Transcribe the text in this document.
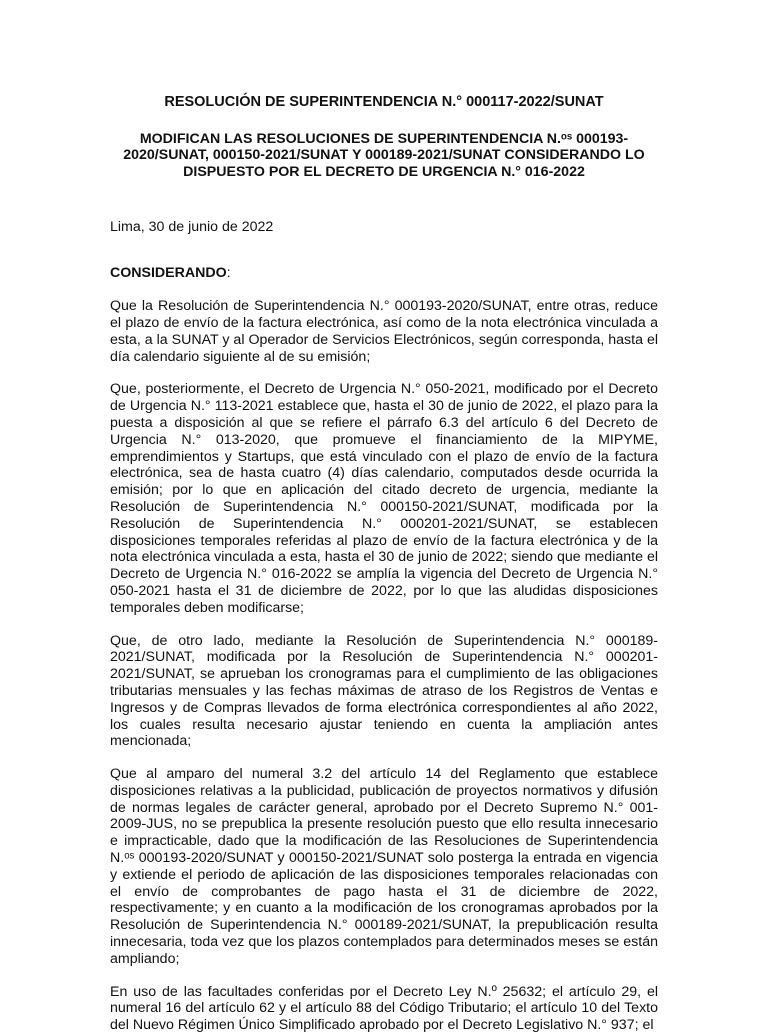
RESOLUCIÓN DE SUPERINTENDENCIA N.° 000117-2022/SUNAT

MODIFICAN LAS RESOLUCIONES DE SUPERINTENDENCIA N.ᵒˢ 000193-2020/SUNAT, 000150-2021/SUNAT Y 000189-2021/SUNAT CONSIDERANDO LO DISPUESTO POR EL DECRETO DE URGENCIA N.° 016-2022

Lima, 30 de junio de 2022

CONSIDERANDO:

Que la Resolución de Superintendencia N.° 000193-2020/SUNAT, entre otras, reduce el plazo de envío de la factura electrónica, así como de la nota electrónica vinculada a esta, a la SUNAT y al Operador de Servicios Electrónicos, según corresponda, hasta el día calendario siguiente al de su emisión;

Que, posteriormente, el Decreto de Urgencia N.° 050-2021, modificado por el Decreto de Urgencia N.° 113-2021 establece que, hasta el 30 de junio de 2022, el plazo para la puesta a disposición al que se refiere el párrafo 6.3 del artículo 6 del Decreto de Urgencia N.° 013-2020, que promueve el financiamiento de la MIPYME, emprendimientos y Startups, que está vinculado con el plazo de envío de la factura electrónica, sea de hasta cuatro (4) días calendario, computados desde ocurrida la emisión; por lo que en aplicación del citado decreto de urgencia, mediante la Resolución de Superintendencia N.° 000150-2021/SUNAT, modificada por la Resolución de Superintendencia N.° 000201-2021/SUNAT, se establecen disposiciones temporales referidas al plazo de envío de la factura electrónica y de la nota electrónica vinculada a esta, hasta el 30 de junio de 2022; siendo que mediante el Decreto de Urgencia N.° 016-2022 se amplía la vigencia del Decreto de Urgencia N.° 050-2021 hasta el 31 de diciembre de 2022, por lo que las aludidas disposiciones temporales deben modificarse;

Que, de otro lado, mediante la Resolución de Superintendencia N.° 000189-2021/SUNAT, modificada por la Resolución de Superintendencia N.° 000201-2021/SUNAT, se aprueban los cronogramas para el cumplimiento de las obligaciones tributarias mensuales y las fechas máximas de atraso de los Registros de Ventas e Ingresos y de Compras llevados de forma electrónica correspondientes al año 2022, los cuales resulta necesario ajustar teniendo en cuenta la ampliación antes mencionada;

Que al amparo del numeral 3.2 del artículo 14 del Reglamento que establece disposiciones relativas a la publicidad, publicación de proyectos normativos y difusión de normas legales de carácter general, aprobado por el Decreto Supremo N.° 001-2009-JUS, no se prepublica la presente resolución puesto que ello resulta innecesario e impracticable, dado que la modificación de las Resoluciones de Superintendencia N.ᵒˢ 000193-2020/SUNAT y 000150-2021/SUNAT solo posterga la entrada en vigencia y extiende el periodo de aplicación de las disposiciones temporales relacionadas con el envío de comprobantes de pago hasta el 31 de diciembre de 2022, respectivamente; y en cuanto a la modificación de los cronogramas aprobados por la Resolución de Superintendencia N.° 000189-2021/SUNAT, la prepublicación resulta innecesaria, toda vez que los plazos contemplados para determinados meses se están ampliando;

En uso de las facultades conferidas por el Decreto Ley N.º 25632; el artículo 29, el numeral 16 del artículo 62 y el artículo 88 del Código Tributario; el artículo 10 del Texto del Nuevo Régimen Único Simplificado aprobado por el Decreto Legislativo N.° 937; el
